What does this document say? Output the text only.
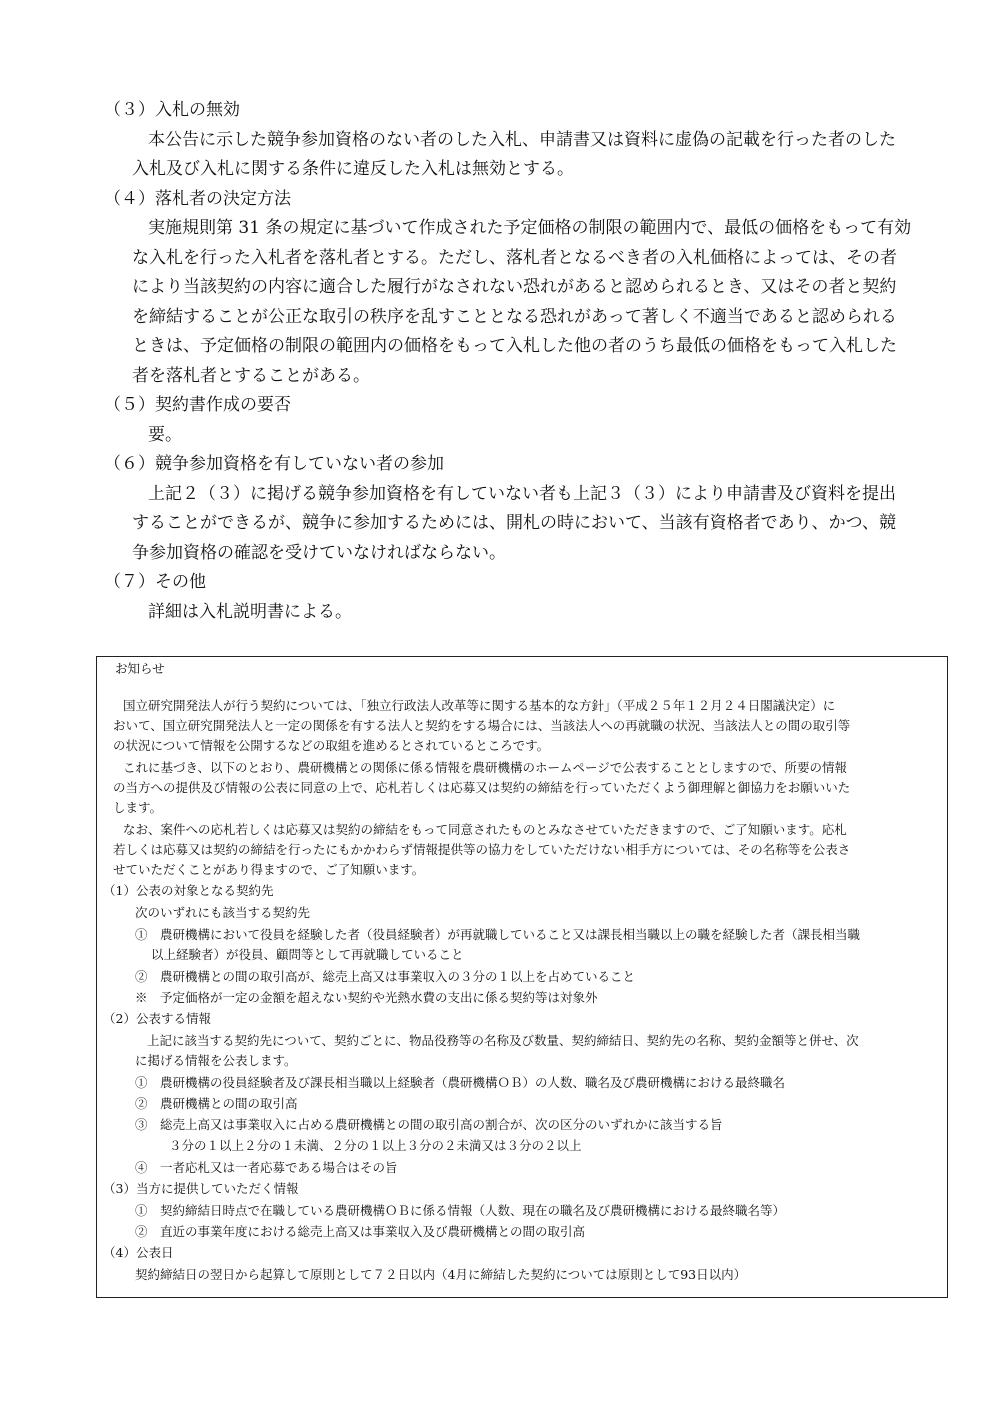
（３）入札の無効
本公告に示した競争参加資格のない者のした入札、申請書又は資料に虚偽の記載を行った者のした
入札及び入札に関する条件に違反した入札は無効とする。
（４）落札者の決定方法
実施規則第 31 条の規定に基づいて作成された予定価格の制限の範囲内で、最低の価格をもって有効
な入札を行った入札者を落札者とする。ただし、落札者となるべき者の入札価格によっては、その者
により当該契約の内容に適合した履行がなされない恐れがあると認められるとき、又はその者と契約
を締結することが公正な取引の秩序を乱すこととなる恐れがあって著しく不適当であると認められる
ときは、予定価格の制限の範囲内の価格をもって入札した他の者のうち最低の価格をもって入札した
者を落札者とすることがある。
（５）契約書作成の要否
要。
（６）競争参加資格を有していない者の参加
上記２（３）に掲げる競争参加資格を有していない者も上記３（３）により申請書及び資料を提出
することができるが、競争に参加するためには、開札の時において、当該有資格者であり、かつ、競
争参加資格の確認を受けていなければならない。
（７）その他
詳細は入札説明書による。
お知らせ
国立研究開発法人が行う契約については、「独立行政法人改革等に関する基本的な方針」（平成２５年１２月２４日閣議決定）に
おいて、国立研究開発法人と一定の関係を有する法人と契約をする場合には、当該法人への再就職の状況、当該法人との間の取引等
の状況について情報を公開するなどの取組を進めるとされているところです。
これに基づき、以下のとおり、農研機構との関係に係る情報を農研機構のホームページで公表することとしますので、所要の情報
の当方への提供及び情報の公表に同意の上で、応札若しくは応募又は契約の締結を行っていただくよう御理解と御協力をお願いいた
します。
なお、案件への応札若しくは応募又は契約の締結をもって同意されたものとみなさせていただきますので、ご了知願います。応札
若しくは応募又は契約の締結を行ったにもかかわらず情報提供等の協力をしていただけない相手方については、その名称等を公表さ
せていただくことがあり得ますので、ご了知願います。
（1）公表の対象となる契約先
次のいずれにも該当する契約先
①　農研機構において役員を経験した者（役員経験者）が再就職していること又は課長相当職以上の職を経験した者（課長相当職
以上経験者）が役員、顧問等として再就職していること
②　農研機構との間の取引高が、総売上高又は事業収入の３分の１以上を占めていること
※　予定価格が一定の金額を超えない契約や光熱水費の支出に係る契約等は対象外
（2）公表する情報
上記に該当する契約先について、契約ごとに、物品役務等の名称及び数量、契約締結日、契約先の名称、契約金額等と併せ、次
に掲げる情報を公表します。
①　農研機構の役員経験者及び課長相当職以上経験者（農研機構ＯＢ）の人数、職名及び農研機構における最終職名
②　農研機構との間の取引高
③　総売上高又は事業収入に占める農研機構との間の取引高の割合が、次の区分のいずれかに該当する旨
３分の１以上２分の１未満、２分の１以上３分の２未満又は３分の２以上
④　一者応札又は一者応募である場合はその旨
（3）当方に提供していただく情報
①　契約締結日時点で在職している農研機構ＯＢに係る情報（人数、現在の職名及び農研機構における最終職名等）
②　直近の事業年度における総売上高又は事業収入及び農研機構との間の取引高
（4）公表日
契約締結日の翌日から起算して原則として７２日以内（4月に締結した契約については原則として93日以内）
